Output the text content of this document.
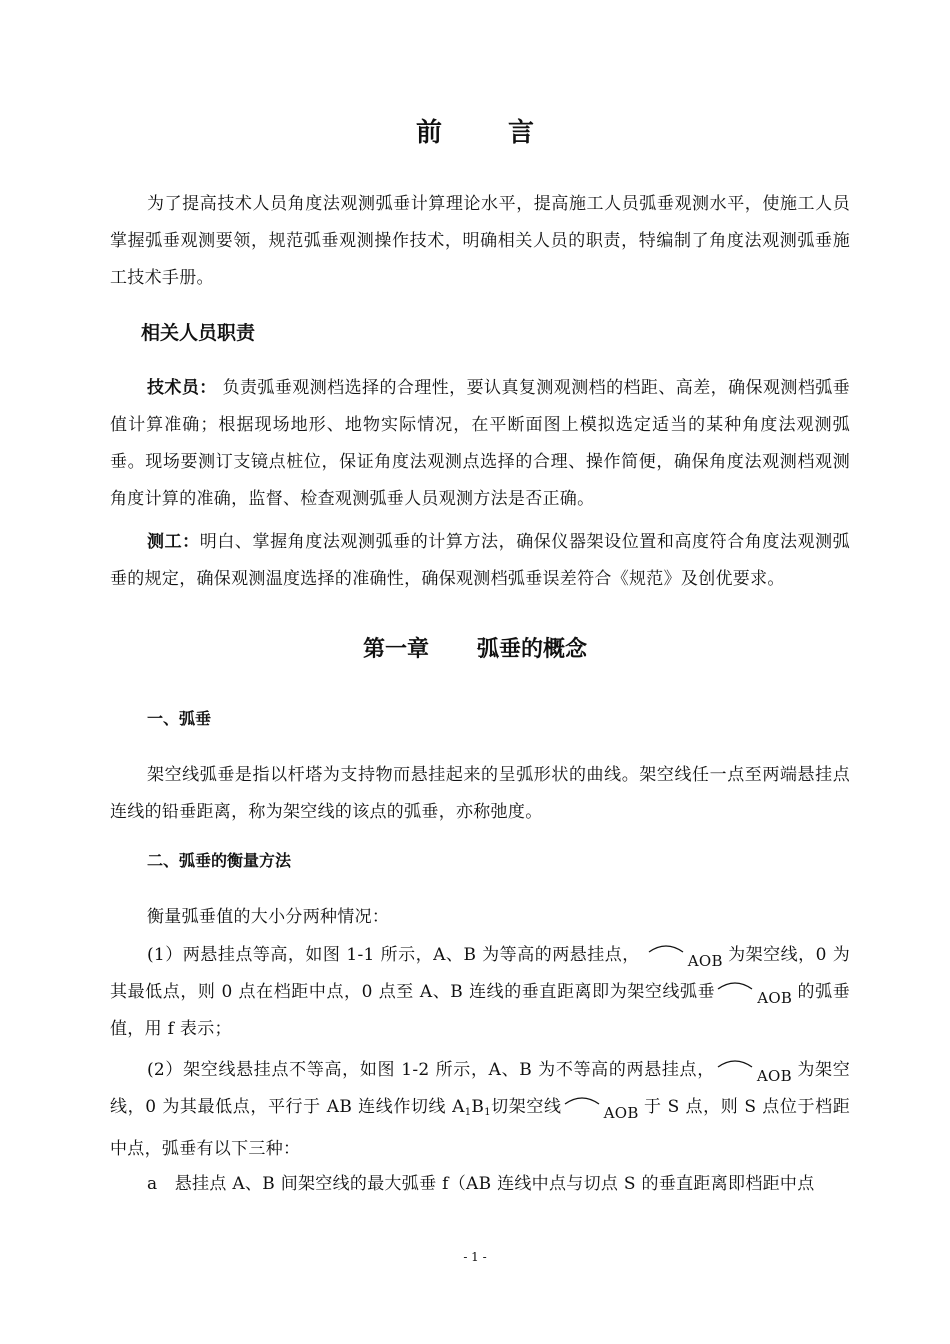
前	言
为了提高技术人员角度法观测弧垂计算理论水平，提高施工人员弧垂观测水平，使施工人员掌握弧垂观测要领，规范弧垂观测操作技术，明确相关人员的职责，特编制了角度法观测弧垂施工技术手册。
相关人员职责
技术员： 负责弧垂观测档选择的合理性，要认真复测观测档的档距、高差，确保观测档弧垂值计算准确；根据现场地形、地物实际情况，在平断面图上模拟选定适当的某种角度法观测弧垂。现场要测订支镜点桩位，保证角度法观测点选择的合理、操作简便，确保角度法观测档观测角度计算的准确，监督、检查观测弧垂人员观测方法是否正确。
测工：明白、掌握角度法观测弧垂的计算方法，确保仪器架设位置和高度符合角度法观测弧垂的规定，确保观测温度选择的准确性，确保观测档弧垂误差符合《规范》及创优要求。
第一章 弧垂的概念
一、弧垂
架空线弧垂是指以杆塔为支持物而悬挂起来的呈弧形状的曲线。架空线任一点至两端悬挂点连线的铅垂距离，称为架空线的该点的弧垂，亦称弛度。
二、弧垂的衡量方法
衡量弧垂值的大小分两种情况：
(1）两悬挂点等高，如图 1-1 所示，A、B 为等高的两悬挂点，	AOB 为架空线，0 为其最低点，则 0 点在档距中点，0 点至 A、B 连线的垂直距离即为架空线弧垂	AOB 的弧垂值，用 f 表示；
(2）架空线悬挂点不等高，如图 1-2 所示，A、B 为不等高的两悬挂点，	AOB 为架空线，0 为其最低点，平行于 AB 连线作切线 $A_1B_1$切架空线	AOB 于 S 点，则 S 点位于档距中点，弧垂有以下三种：
a　悬挂点 A、B 间架空线的最大弧垂 f（AB 连线中点与切点 S 的垂直距离即档距中点
- 1 -
